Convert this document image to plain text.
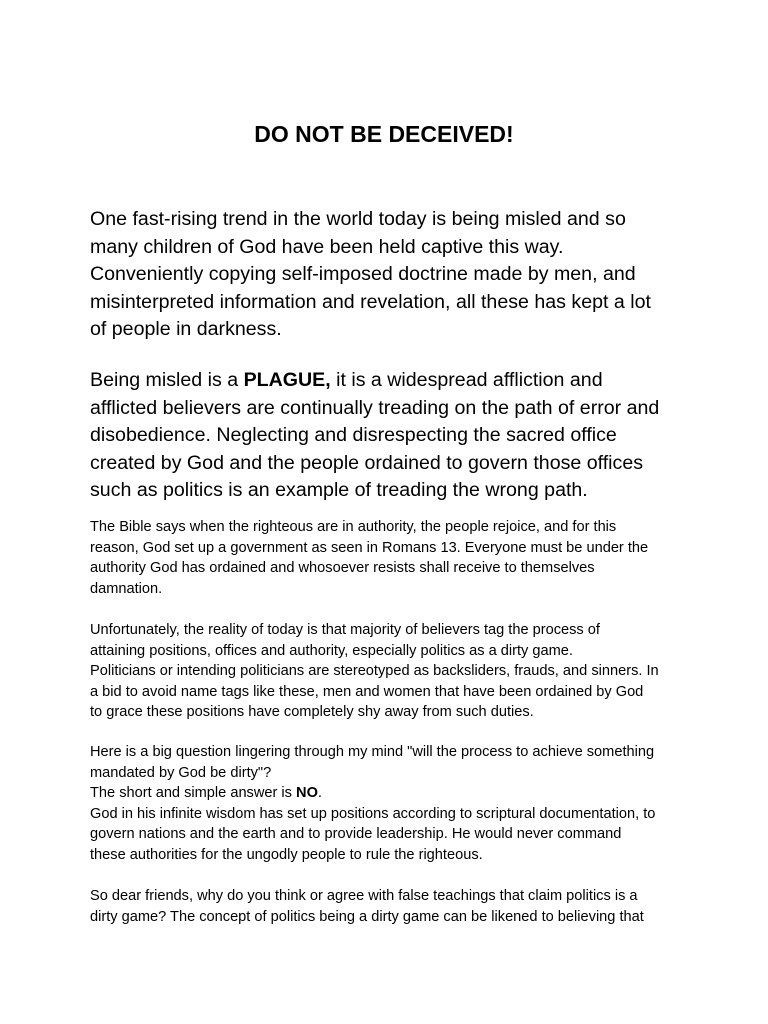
DO NOT BE DECEIVED!

One fast-rising trend in the world today is being misled and so
many children of God have been held captive this way.
Conveniently copying self-imposed doctrine made by men, and
misinterpreted information and revelation, all these has kept a lot
of people in darkness.

Being misled is a PLAGUE, it is a widespread affliction and
afflicted believers are continually treading on the path of error and
disobedience. Neglecting and disrespecting the sacred office
created by God and the people ordained to govern those offices
such as politics is an example of treading the wrong path.

The Bible says when the righteous are in authority, the people rejoice, and for this
reason, God set up a government as seen in Romans 13. Everyone must be under the
authority God has ordained and whosoever resists shall receive to themselves
damnation.

Unfortunately, the reality of today is that majority of believers tag the process of
attaining positions, offices and authority, especially politics as a dirty game.
Politicians or intending politicians are stereotyped as backsliders, frauds, and sinners. In
a bid to avoid name tags like these, men and women that have been ordained by God
to grace these positions have completely shy away from such duties.

Here is a big question lingering through my mind "will the process to achieve something
mandated by God be dirty"?
The short and simple answer is NO.
God in his infinite wisdom has set up positions according to scriptural documentation, to
govern nations and the earth and to provide leadership. He would never command
these authorities for the ungodly people to rule the righteous.

So dear friends, why do you think or agree with false teachings that claim politics is a
dirty game? The concept of politics being a dirty game can be likened to believing that
